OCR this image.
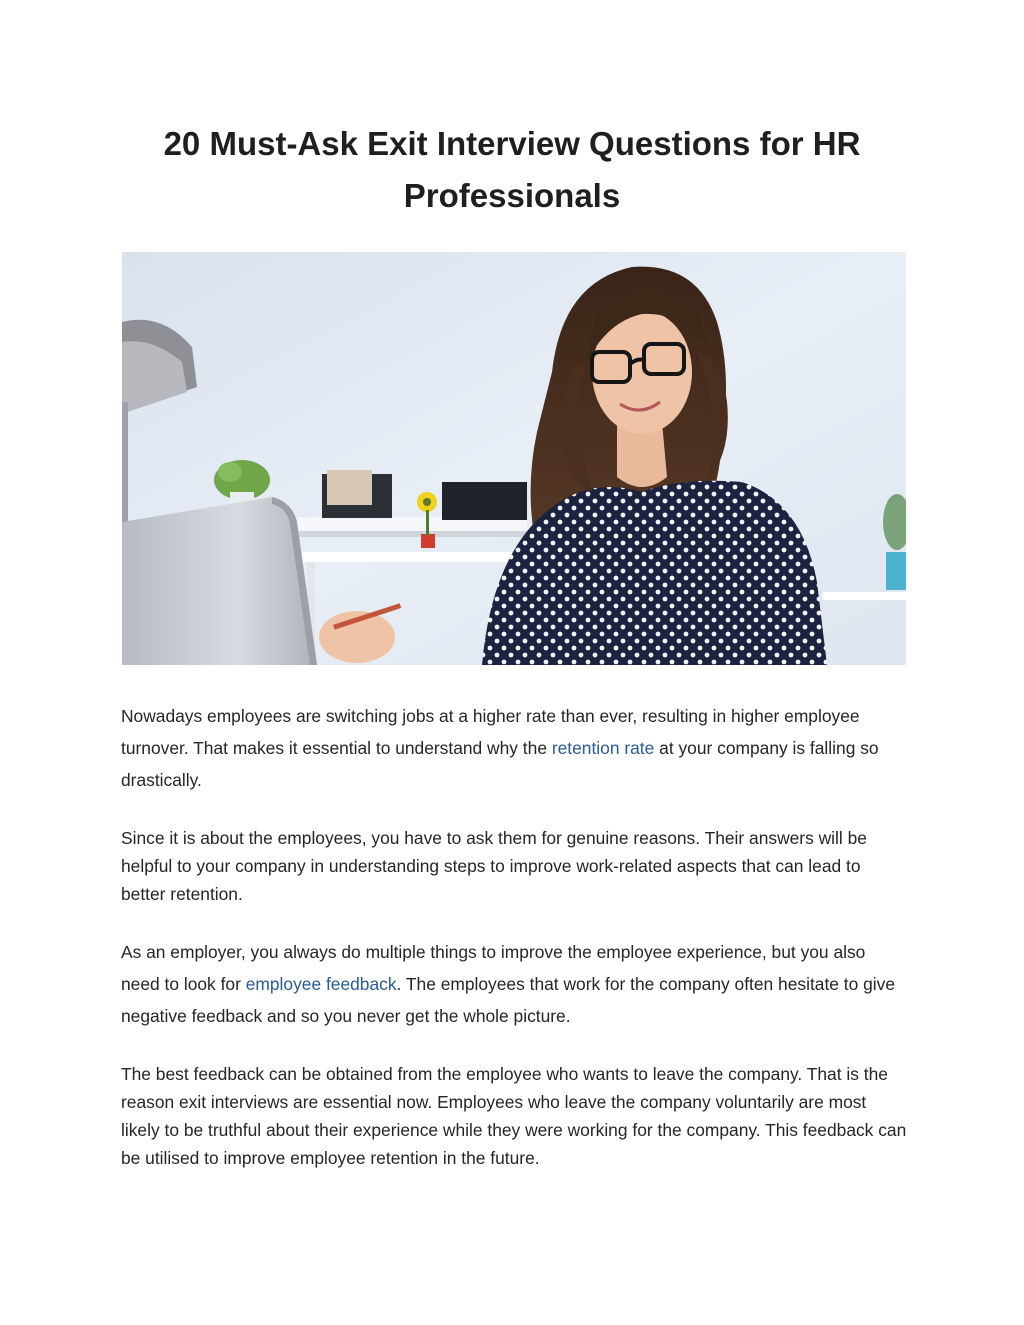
20 Must-Ask Exit Interview Questions for HR Professionals

Nowadays employees are switching jobs at a higher rate than ever, resulting in higher employee turnover. That makes it essential to understand why the retention rate at your company is falling so drastically.

Since it is about the employees, you have to ask them for genuine reasons. Their answers will be helpful to your company in understanding steps to improve work-related aspects that can lead to better retention.

As an employer, you always do multiple things to improve the employee experience, but you also need to look for employee feedback. The employees that work for the company often hesitate to give negative feedback and so you never get the whole picture.

The best feedback can be obtained from the employee who wants to leave the company. That is the reason exit interviews are essential now. Employees who leave the company voluntarily are most likely to be truthful about their experience while they were working for the company. This feedback can be utilised to improve employee retention in the future.
